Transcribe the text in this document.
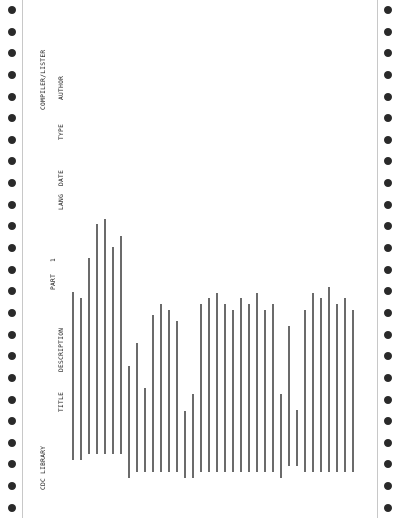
CDC LIBRARY
PART
1
COMPILER/LISTER
TITLE
DESCRIPTION
LANG
DATE
TYPE
AUTHOR
